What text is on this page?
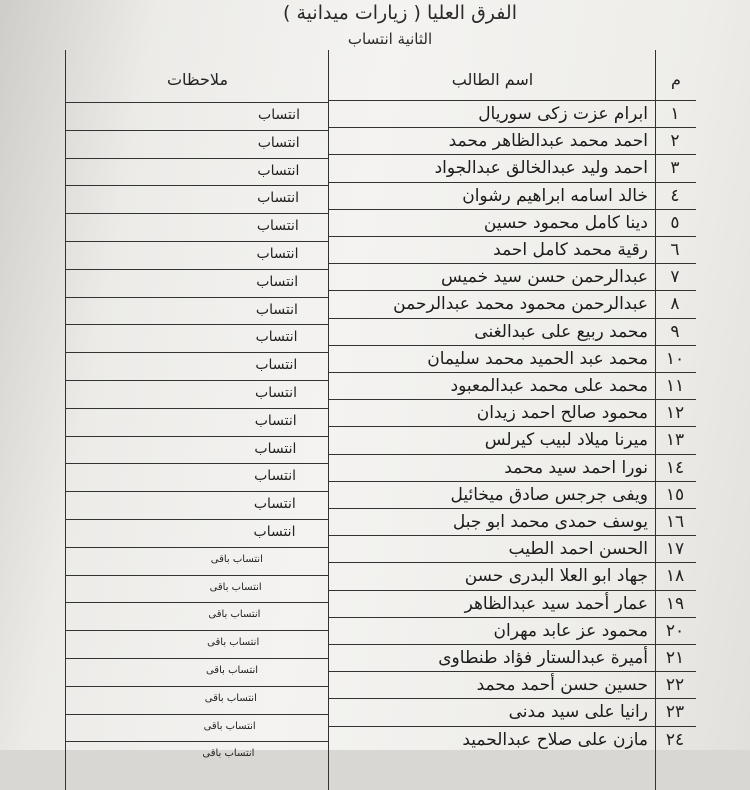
الفرق العليا ( زيارات ميدانية )
الثانية انتساب
م
اسم الطالب
ملاحظات
١
ابرام عزت زكى سوريال
انتساب
٢
احمد محمد عبدالظاهر محمد
انتساب
٣
احمد وليد عبدالخالق عبدالجواد
انتساب
٤
خالد اسامه ابراهيم رشوان
انتساب
٥
دينا كامل محمود حسين
انتساب
٦
رقية محمد كامل احمد
انتساب
٧
عبدالرحمن حسن سيد خميس
انتساب
٨
عبدالرحمن محمود محمد عبدالرحمن
انتساب
٩
محمد ربيع على عبدالغنى
انتساب
١٠
محمد عبد الحميد محمد سليمان
انتساب
١١
محمد على محمد عبدالمعبود
انتساب
١٢
محمود صالح احمد زيدان
انتساب
١٣
ميرنا ميلاد لبيب كيرلس
انتساب
١٤
نورا احمد سيد محمد
انتساب
١٥
ويفى جرجس صادق ميخائيل
انتساب
١٦
يوسف حمدى محمد ابو جبل
انتساب
١٧
الحسن احمد الطيب
انتساب باقى
١٨
جهاد ابو العلا البدرى حسن
انتساب باقى
١٩
عمار أحمد سيد عبدالظاهر
انتساب باقى
٢٠
محمود عز عابد مهران
انتساب باقى
٢١
أميرة عبدالستار فؤاد طنطاوى
انتساب باقى
٢٢
حسين حسن أحمد محمد
انتساب باقى
٢٣
رانيا على سيد مدنى
انتساب باقى
٢٤
مازن على صلاح عبدالحميد
انتساب باقى
